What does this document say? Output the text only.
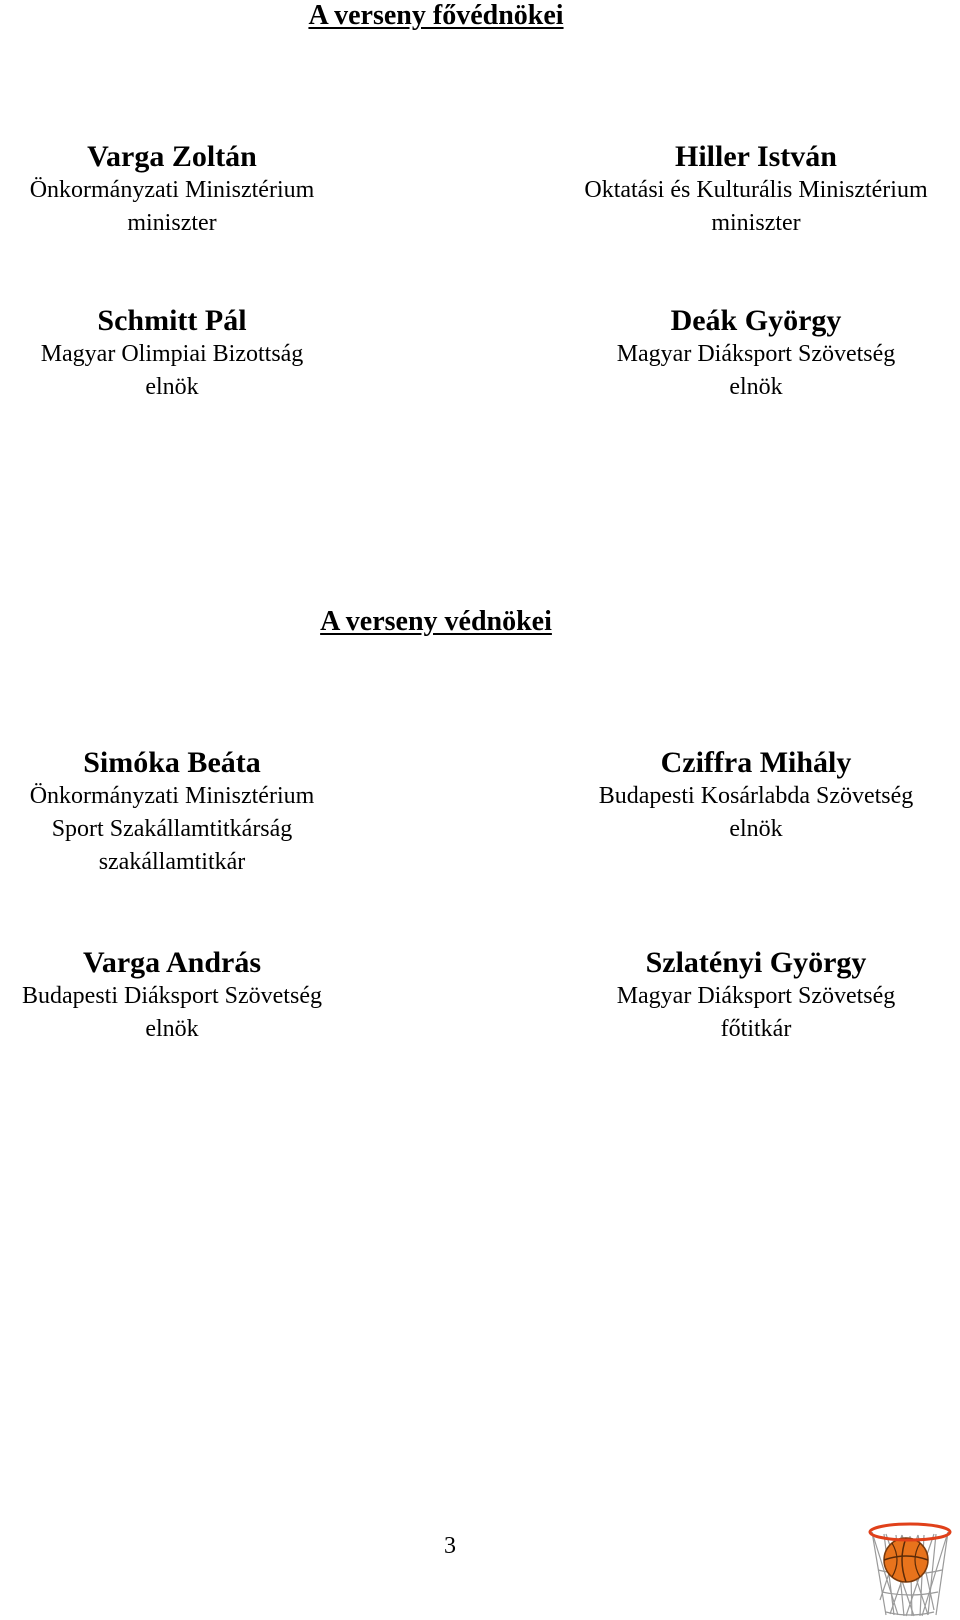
A verseny fővédnökei
Varga Zoltán
Önkormányzati Minisztérium
miniszter
Hiller István
Oktatási és Kulturális Minisztérium
miniszter
Schmitt Pál
Magyar Olimpiai Bizottság
elnök
Deák György
Magyar Diáksport Szövetség
elnök
A verseny védnökei
Simóka Beáta
Önkormányzati Minisztérium
Sport Szakállamtitkárság
szakállamtitkár
Cziffra Mihály
Budapesti Kosárlabda Szövetség
elnök
Varga András
Budapesti Diáksport Szövetség
elnök
Szlatényi György
Magyar Diáksport Szövetség
főtitkár
3
